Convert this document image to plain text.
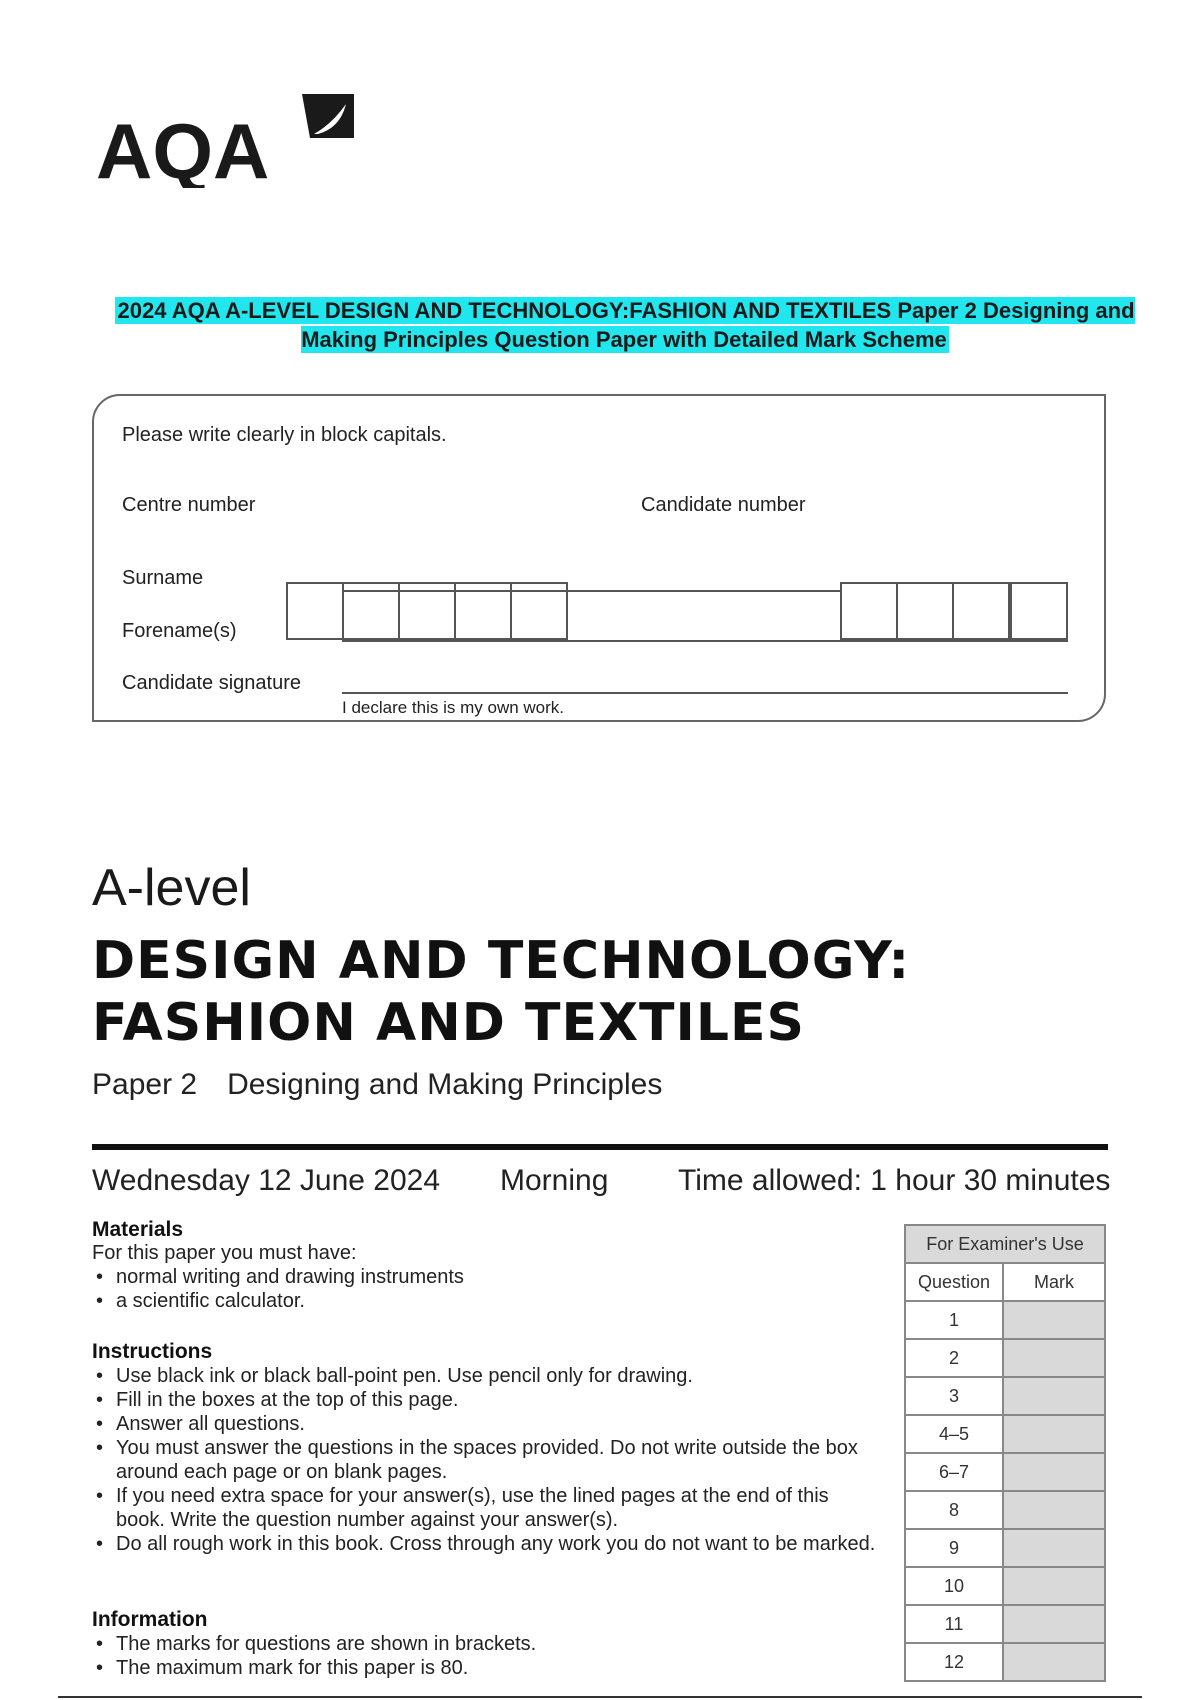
AQA
2024 AQA A-LEVEL DESIGN AND TECHNOLOGY:FASHION AND TEXTILES Paper 2 Designing and Making Principles Question Paper with Detailed Mark Scheme
Please write clearly in block capitals.
Centre number	Candidate number
Surname
Forename(s)
Candidate signature
I declare this is my own work.
A-level
DESIGN AND TECHNOLOGY:
FASHION AND TEXTILES
Paper 2 Designing and Making Principles
Wednesday 12 June 2024 Morning Time allowed: 1 hour 30 minutes
Materials
For this paper you must have:
• normal writing and drawing instruments
• a scientific calculator.
Instructions
• Use black ink or black ball-point pen. Use pencil only for drawing.
• Fill in the boxes at the top of this page.
• Answer all questions.
• You must answer the questions in the spaces provided. Do not write outside the box around each page or on blank pages.
• If you need extra space for your answer(s), use the lined pages at the end of this book. Write the question number against your answer(s).
• Do all rough work in this book. Cross through any work you do not want to be marked.
Information
• The marks for questions are shown in brackets.
• The maximum mark for this paper is 80.
For Examiner's Use	
Question	Mark
1	
2	
3	
4–5	
6–7	
8	
9	
10	
11	
12	
